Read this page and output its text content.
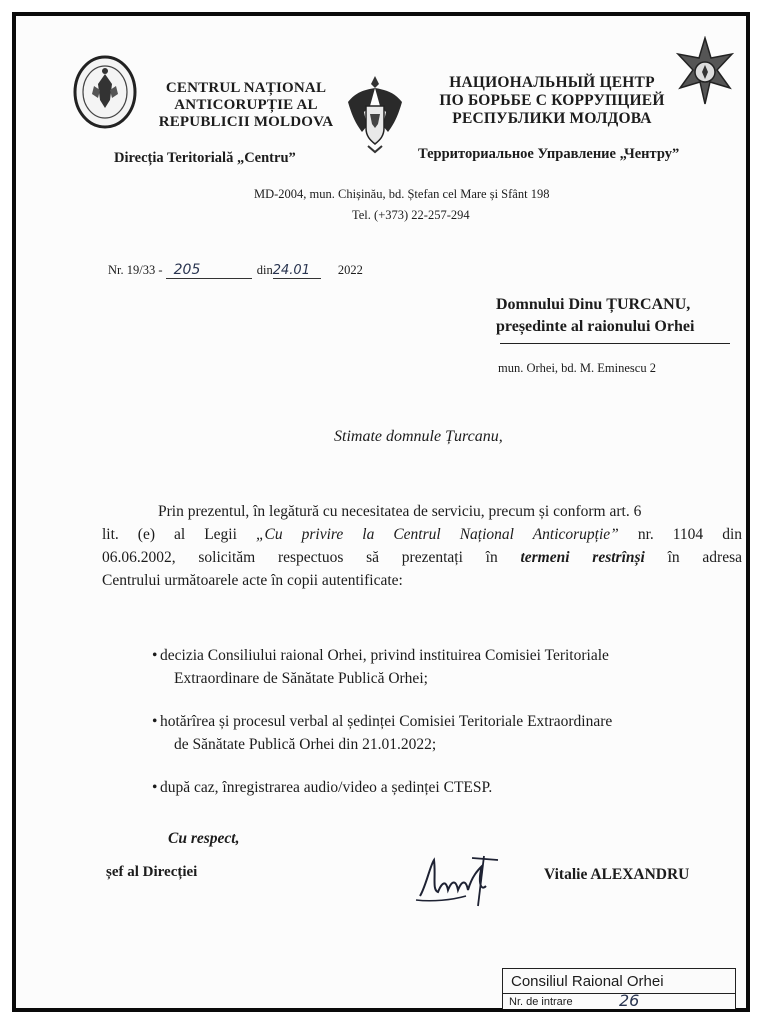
CENTRUL NAȚIONAL
ANTICORUPȚIE AL
REPUBLICII MOLDOVA
НАЦИОНАЛЬНЫЙ ЦЕНТР
ПО БОРЬБЕ С КОРРУПЦИЕЙ
РЕСПУБЛИКИ МОЛДОВА
Direcția Teritorială „Centru”	Территориальное Управление „Чентру”
MD-2004, mun. Chișinău, bd. Ștefan cel Mare și Sfânt 198
Tel. (+373) 22-257-294
Nr. 19/33 - 205	din24.01 2022
Domnului Dinu ȚURCANU,
președinte al raionului Orhei
mun. Orhei, bd. M. Eminescu 2
Stimate domnule Țurcanu,
Prin prezentul, în legătură cu necesitatea de serviciu, precum și conform art. 6
lit. (e) al Legii „Cu privire la Centrul Național Anticorupție” nr. 1104 din
06.06.2002, solicităm respectuos să prezentați în termeni restrînși în adresa
Centrului următoarele acte în copii autentificate:
• decizia Consiliului raional Orhei, privind instituirea Comisiei Teritoriale
Extraordinare de Sănătate Publică Orhei;
• hotărîrea și procesul verbal al ședinței Comisiei Teritoriale Extraordinare
de Sănătate Publică Orhei din 21.01.2022;
• după caz, înregistrarea audio/video a ședinței CTESP.
Cu respect,
șef al Direcției	Vitalie ALEXANDRU
Consiliul Raional Orhei
Nr. de intrare	26
